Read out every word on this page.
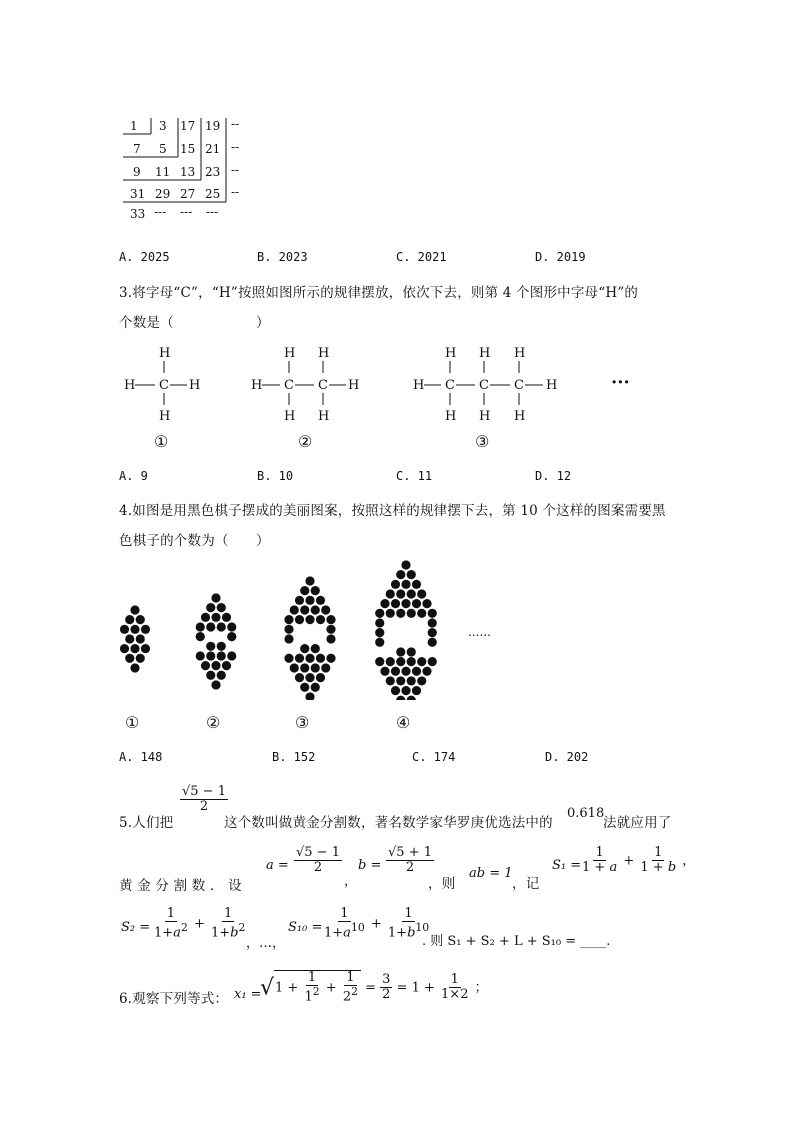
1 3 17 19 --
7 5 15 21 --
9 11 13 23 --
31 29 27 25 --
33 --- --- ---
A. 2025	B. 2023	C. 2021	D. 2019
3.将字母“C”，“H”按照如图所示的规律摆放，依次下去，则第 4 个图形中字母“H”的
个数是（　　　　　　）
H
H C H
H
H H
H C C H
H H
H H H
H C C C H
H H H
①	②	③
···
A. 9	B. 10	C. 11	D. 12
4.如图是用黑色棋子摆成的美丽图案，按照这样的规律摆下去，第 10 个这样的图案需要黑
色棋子的个数为（　　）
①	②	③	④
......
A. 148	B. 152	C. 174	D. 202
5.人们把
$\frac{√5 - 1}{2}$
这个数叫做黄金分割数，著名数学家华罗庚优选法中的
0.618
法就应用了
黄 金 分 割 数 ． 设
$a = \frac{√5 - 1}{2}$
，
$b = \frac{√5 + 1}{2}$
，则
ab = 1
，记
S₁ =
$\frac{1}{1 + a} + \frac{1}{1 + b}$ ，
$S_2 = \frac{1}{1+a^2} + \frac{1}{1+b^2}$
，…，
$S_{10} = \frac{1}{1+a^{10}} + \frac{1}{1+b^{10}}$
. 则 S₁ + S₂ + L + S₁₀ = ____.
6.观察下列等式： x₁ =
$√1 + \frac{1}{1^2} + \frac{1}{2^2} = \frac{3}{2} = 1 + \frac{1}{1\times 2}$ ；
